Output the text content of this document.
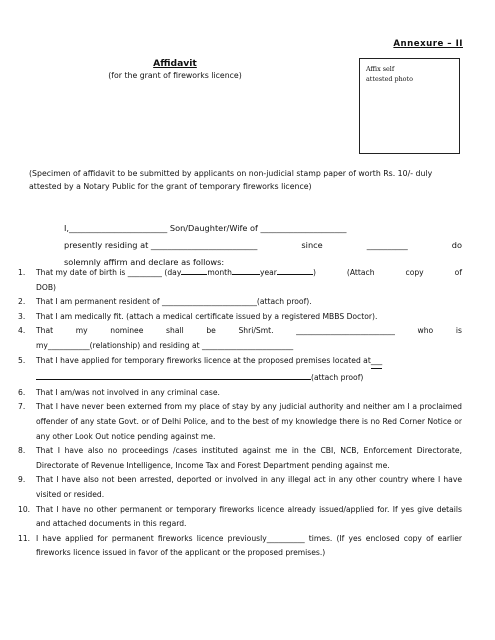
Annexure – II
Affidavit
(for the grant of fireworks licence)
Affix self
attested photo
(Specimen of affidavit to be submitted by applicants on non-judicial stamp paper of worth Rs. 10/- duly attested by a Notary Public for the grant of temporary fireworks licence)
I,________________________ Son/Daughter/Wife of _____________________
presently residing at __________________________	since	__________	do
solemnly affirm and declare as follows:
1. That my date of birth is _________ (day	month	year	)	(Attach	copy	of
DOB)
2. That I am permanent resident of _________________________(attach proof).
3. That I am medically fit. (attach a medical certificate issued by a registered MBBS Doctor).
4. That	my	nominee	shall	be	Shri/Smt.	__________________________	who	is
my___________(relationship) and residing at ________________________
5. That I have applied for temporary fireworks licence at the proposed premises located at___
(attach proof)
6. That I am/was not involved in any criminal case.
7. That I have never been externed from my place of stay by any judicial authority and neither am I a proclaimed offender of any state Govt. or of Delhi Police, and to the best of my knowledge there is no Red Corner Notice or any other Look Out notice pending against me.
8. That I have also no proceedings /cases instituted against me in the CBI, NCB, Enforcement Directorate, Directorate of Revenue Intelligence, Income Tax and Forest Department pending against me.
9. That I have also not been arrested, deported or involved in any illegal act in any other country where I have visited or resided.
10. That I have no other permanent or temporary fireworks licence already issued/applied for. If yes give details and attached documents in this regard.
11. I have applied for permanent fireworks licence previously__________ times. (If yes enclosed copy of earlier fireworks licence issued in favor of the applicant or the proposed premises.)
